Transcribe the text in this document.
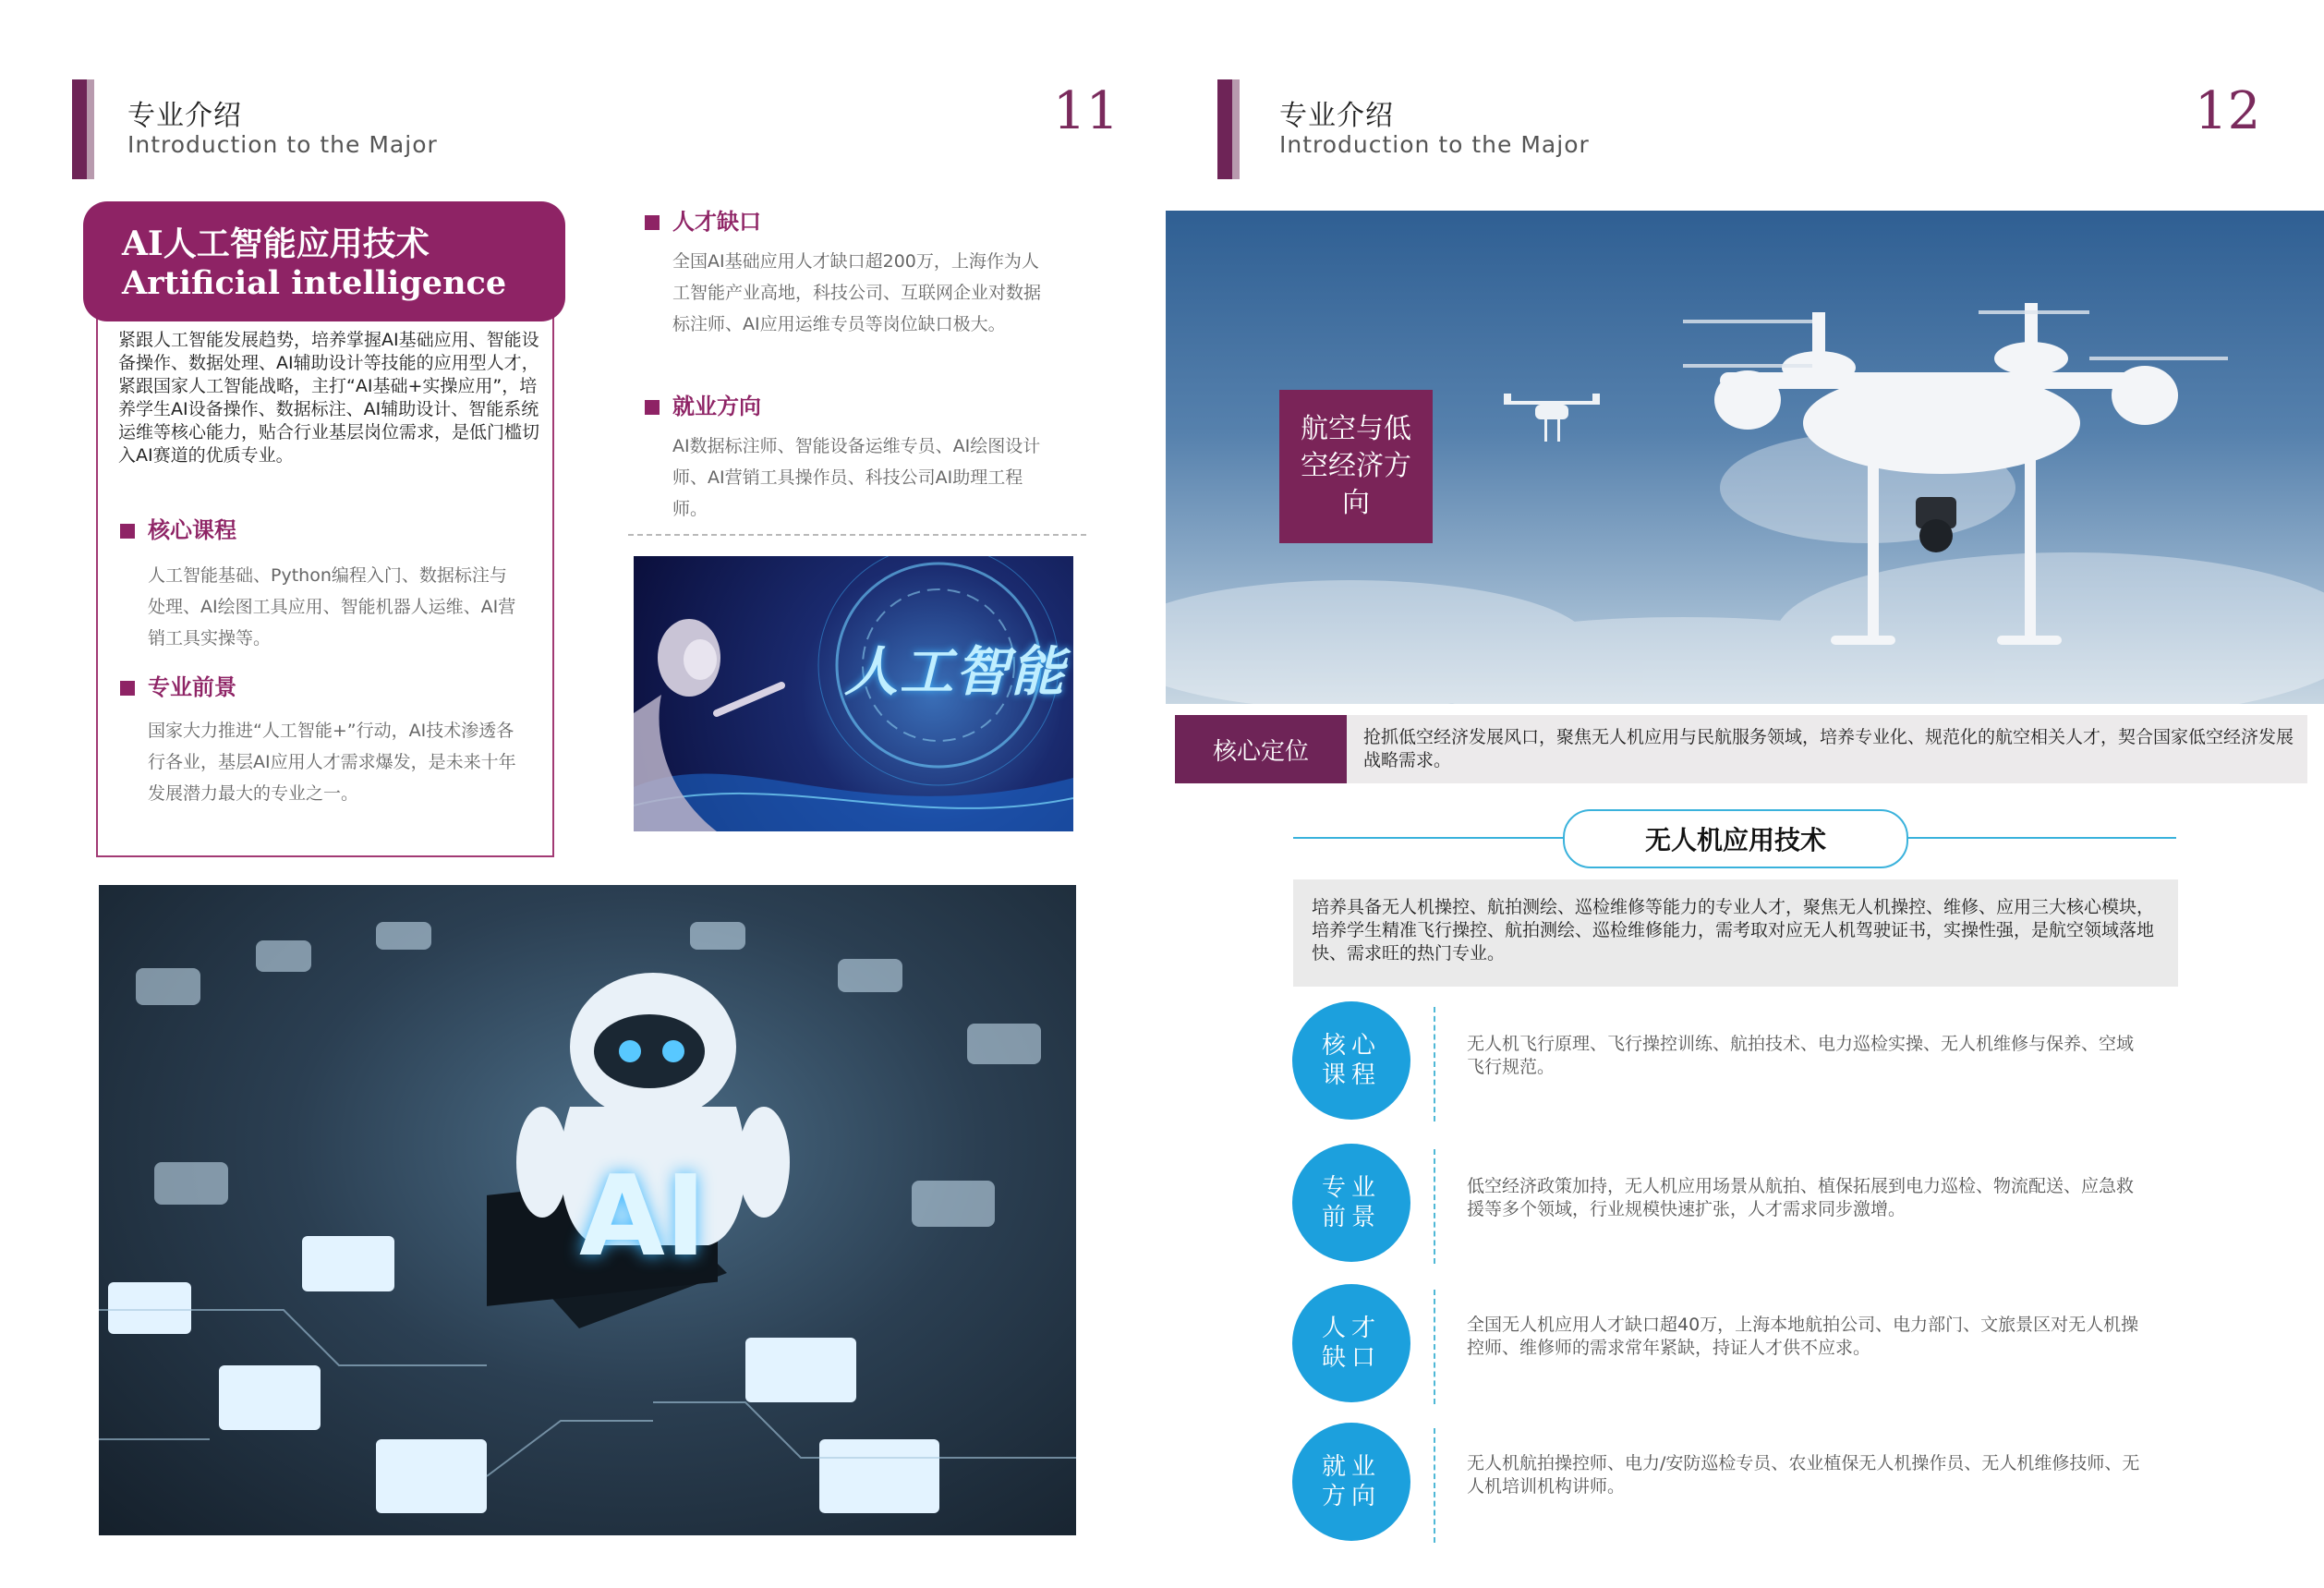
专业介绍
Introduction to the Major
11
AI人工智能应用技术
Artificial intelligence
紧跟人工智能发展趋势，培养掌握AI基础应用、智能设备操作、数据处理、AI辅助设计等技能的应用型人才，紧跟国家人工智能战略，主打“AI基础+实操应用”，培养学生AI设备操作、数据标注、AI辅助设计、智能系统运维等核心能力，贴合行业基层岗位需求，是低门槛切入AI赛道的优质专业。
核心课程
人工智能基础、Python编程入门、数据标注与处理、AI绘图工具应用、智能机器人运维、AI营销工具实操等。
专业前景
国家大力推进“人工智能+”行动，AI技术渗透各行各业，基层AI应用人才需求爆发，是未来十年发展潜力最大的专业之一。
人才缺口
全国AI基础应用人才缺口超200万，上海作为人工智能产业高地，科技公司、互联网企业对数据标注师、AI应用运维专员等岗位缺口极大。
就业方向
AI数据标注师、智能设备运维专员、AI绘图设计师、AI营销工具操作员、科技公司AI助理工程师。
人工智能
AI
专业介绍
Introduction to the Major
12
航空与低空经济方向
核心定位
抢抓低空经济发展风口，聚焦无人机应用与民航服务领域，培养专业化、规范化的航空相关人才，契合国家低空经济发展战略需求。
无人机应用技术
培养具备无人机操控、航拍测绘、巡检维修等能力的专业人才，聚焦无人机操控、维修、应用三大核心模块，培养学生精准飞行操控、航拍测绘、巡检维修能力，需考取对应无人机驾驶证书，实操性强，是航空领域落地快、需求旺的热门专业。
核心课程
无人机飞行原理、飞行操控训练、航拍技术、电力巡检实操、无人机维修与保养、空域飞行规范。
专业前景
低空经济政策加持，无人机应用场景从航拍、植保拓展到电力巡检、物流配送、应急救援等多个领域，行业规模快速扩张，人才需求同步激增。
人才缺口
全国无人机应用人才缺口超40万，上海本地航拍公司、电力部门、文旅景区对无人机操控师、维修师的需求常年紧缺，持证人才供不应求。
就业方向
无人机航拍操控师、电力/安防巡检专员、农业植保无人机操作员、无人机维修技师、无人机培训机构讲师。
